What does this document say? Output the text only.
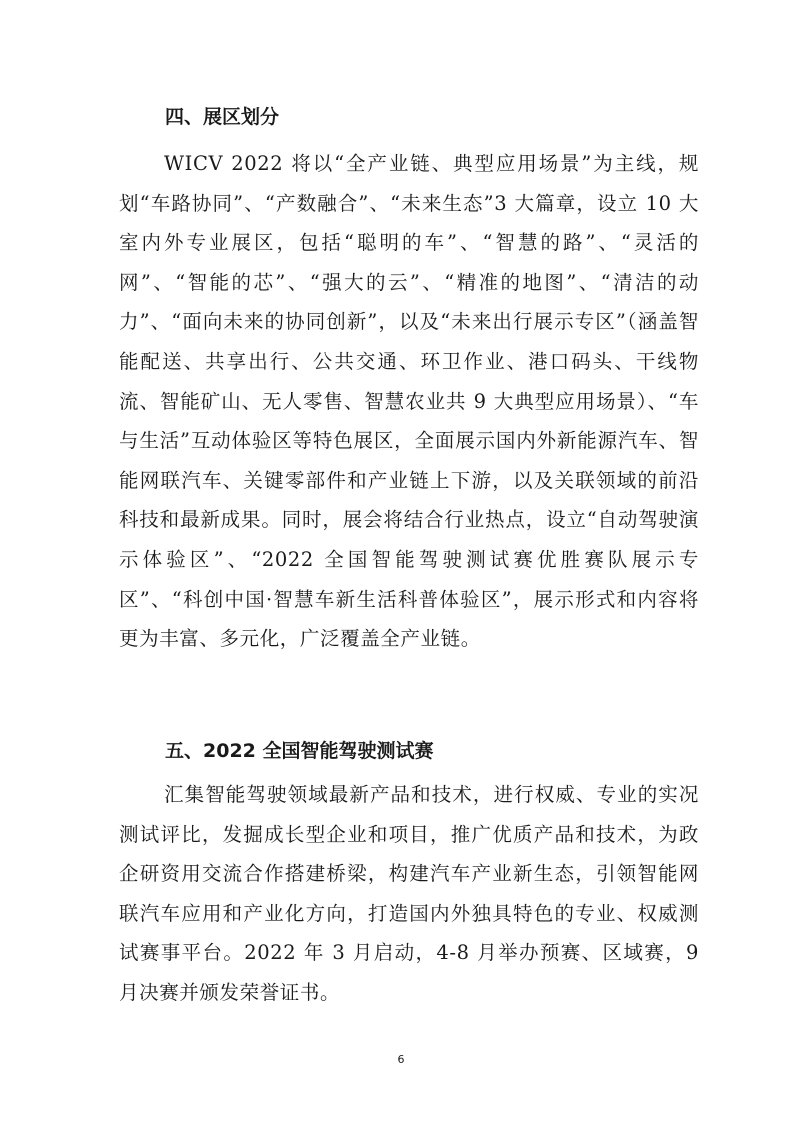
四、展区划分

WICV 2022 将以“全产业链、典型应用场景”为主线，规划“车路协同”、“产数融合”、“未来生态”3 大篇章，设立 10 大室内外专业展区，包括“聪明的车”、“智慧的路”、“灵活的网”、“智能的芯”、“强大的云”、“精准的地图”、“清洁的动力”、“面向未来的协同创新”，以及“未来出行展示专区”（涵盖智能配送、共享出行、公共交通、环卫作业、港口码头、干线物流、智能矿山、无人零售、智慧农业共 9 大典型应用场景）、“车与生活”互动体验区等特色展区，全面展示国内外新能源汽车、智能网联汽车、关键零部件和产业链上下游，以及关联领域的前沿科技和最新成果。同时，展会将结合行业热点，设立“自动驾驶演示体验区”、“2022 全国智能驾驶测试赛优胜赛队展示专区”、“科创中国·智慧车新生活科普体验区”，展示形式和内容将更为丰富、多元化，广泛覆盖全产业链。

五、2022 全国智能驾驶测试赛

汇集智能驾驶领域最新产品和技术，进行权威、专业的实况测试评比，发掘成长型企业和项目，推广优质产品和技术，为政企研资用交流合作搭建桥梁，构建汽车产业新生态，引领智能网联汽车应用和产业化方向，打造国内外独具特色的专业、权威测试赛事平台。2022 年 3 月启动，4-8 月举办预赛、区域赛，9 月决赛并颁发荣誉证书。

6
